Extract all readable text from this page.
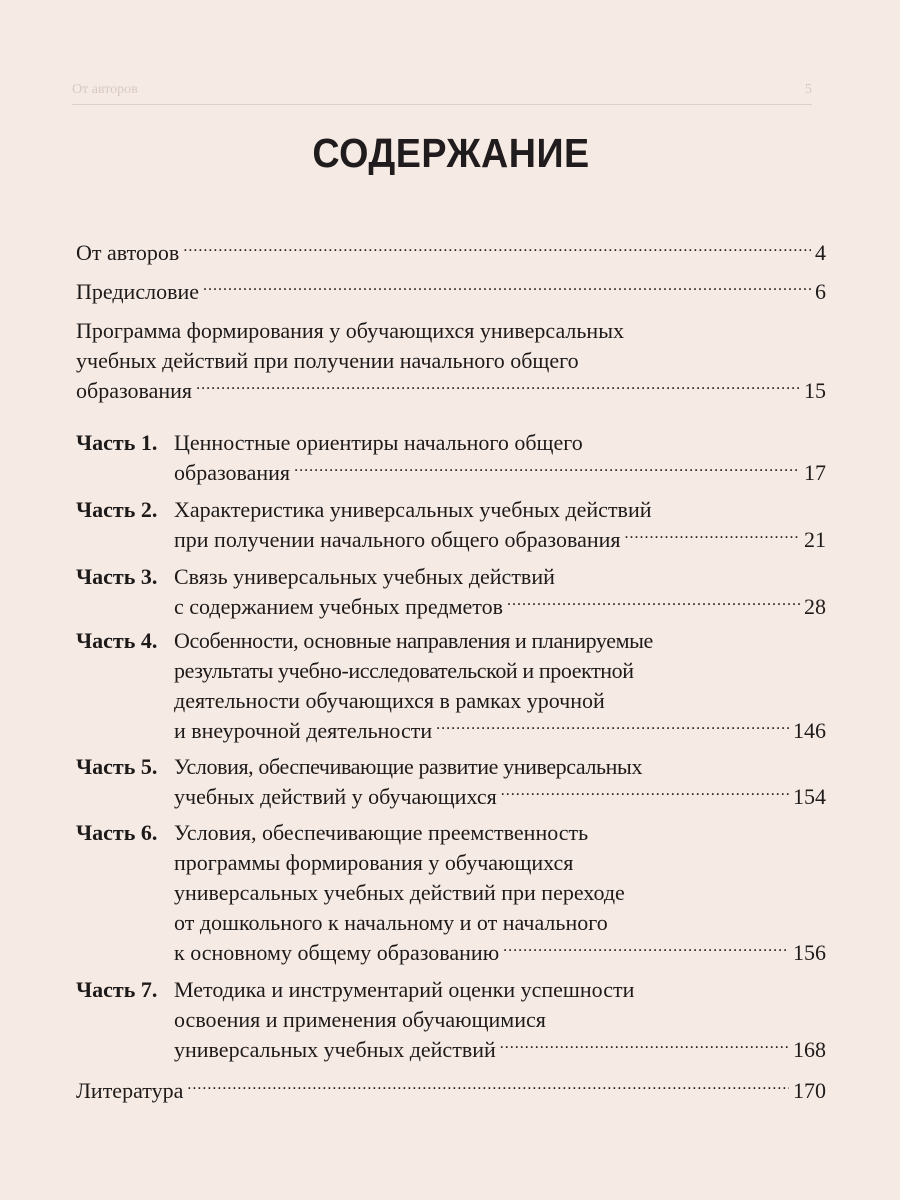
От авторов	5
СОДЕРЖАНИЕ
От авторов .....	4
Предисловие .....	6
Программа формирования у обучающихся универсальных
учебных действий при получении начального общего
образования .....	15
Часть 1. Ценностные ориентиры начального общего
образования .....	17
Часть 2. Характеристика универсальных учебных действий
при получении начального общего образования .....	21
Часть 3. Связь универсальных учебных действий
с содержанием учебных предметов .....	28
Часть 4. Особенности, основные направления и планируемые
результаты учебно-исследовательской и проектной
деятельности обучающихся в рамках урочной
и внеурочной деятельности .....	146
Часть 5. Условия, обеспечивающие развитие универсальных
учебных действий у обучающихся .....	154
Часть 6. Условия, обеспечивающие преемственность
программы формирования у обучающихся
универсальных учебных действий при переходе
от дошкольного к начальному и от начального
к основному общему образованию .....	156
Часть 7. Методика и инструментарий оценки успешности
освоения и применения обучающимися
универсальных учебных действий .....	168
Литература .....	170
